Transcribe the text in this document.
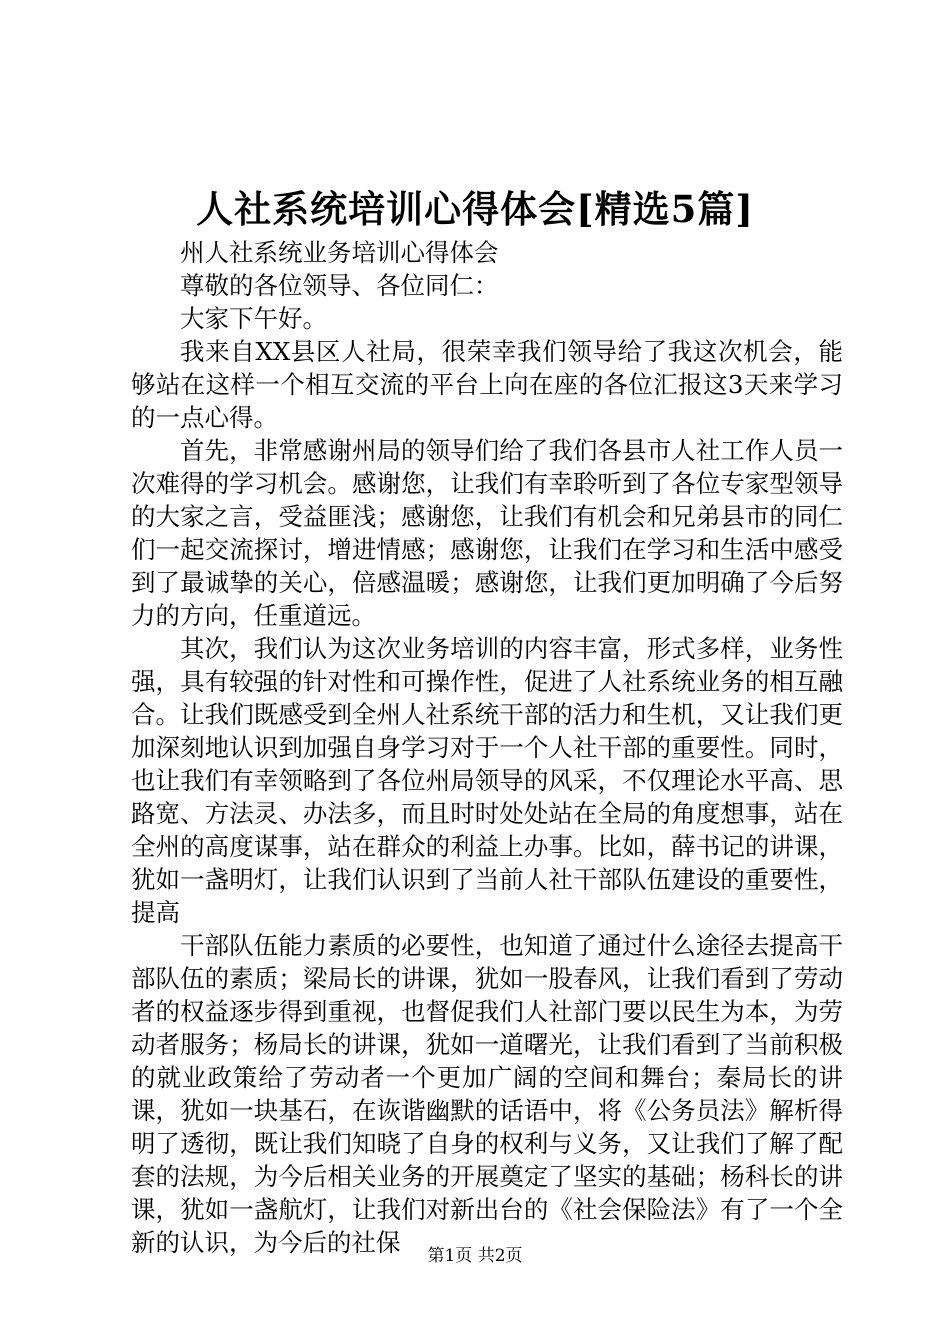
人社系统培训心得体会[精选5篇]

州人社系统业务培训心得体会

尊敬的各位领导、各位同仁：

大家下午好。

我来自XX县区人社局，很荣幸我们领导给了我这次机会，能够站在这样一个相互交流的平台上向在座的各位汇报这3天来学习的一点心得。

首先，非常感谢州局的领导们给了我们各县市人社工作人员一次难得的学习机会。感谢您，让我们有幸聆听到了各位专家型领导的大家之言，受益匪浅；感谢您，让我们有机会和兄弟县市的同仁们一起交流探讨，增进情感；感谢您，让我们在学习和生活中感受到了最诚挚的关心，倍感温暖；感谢您，让我们更加明确了今后努力的方向，任重道远。

其次，我们认为这次业务培训的内容丰富，形式多样，业务性强，具有较强的针对性和可操作性，促进了人社系统业务的相互融合。让我们既感受到全州人社系统干部的活力和生机，又让我们更加深刻地认识到加强自身学习对于一个人社干部的重要性。同时，也让我们有幸领略到了各位州局领导的风采，不仅理论水平高、思路宽、方法灵、办法多，而且时时处处站在全局的角度想事，站在全州的高度谋事，站在群众的利益上办事。比如，薛书记的讲课，犹如一盏明灯，让我们认识到了当前人社干部队伍建设的重要性，提高

干部队伍能力素质的必要性，也知道了通过什么途径去提高干部队伍的素质；梁局长的讲课，犹如一股春风，让我们看到了劳动者的权益逐步得到重视，也督促我们人社部门要以民生为本，为劳动者服务；杨局长的讲课，犹如一道曙光，让我们看到了当前积极的就业政策给了劳动者一个更加广阔的空间和舞台；秦局长的讲课，犹如一块基石，在诙谐幽默的话语中，将《公务员法》解析得明了透彻，既让我们知晓了自身的权利与义务，又让我们了解了配套的法规，为今后相关业务的开展奠定了坚实的基础；杨科长的讲课，犹如一盏航灯，让我们对新出台的《社会保险法》有了一个全新的认识，为今后的社保	第1页 共2页
